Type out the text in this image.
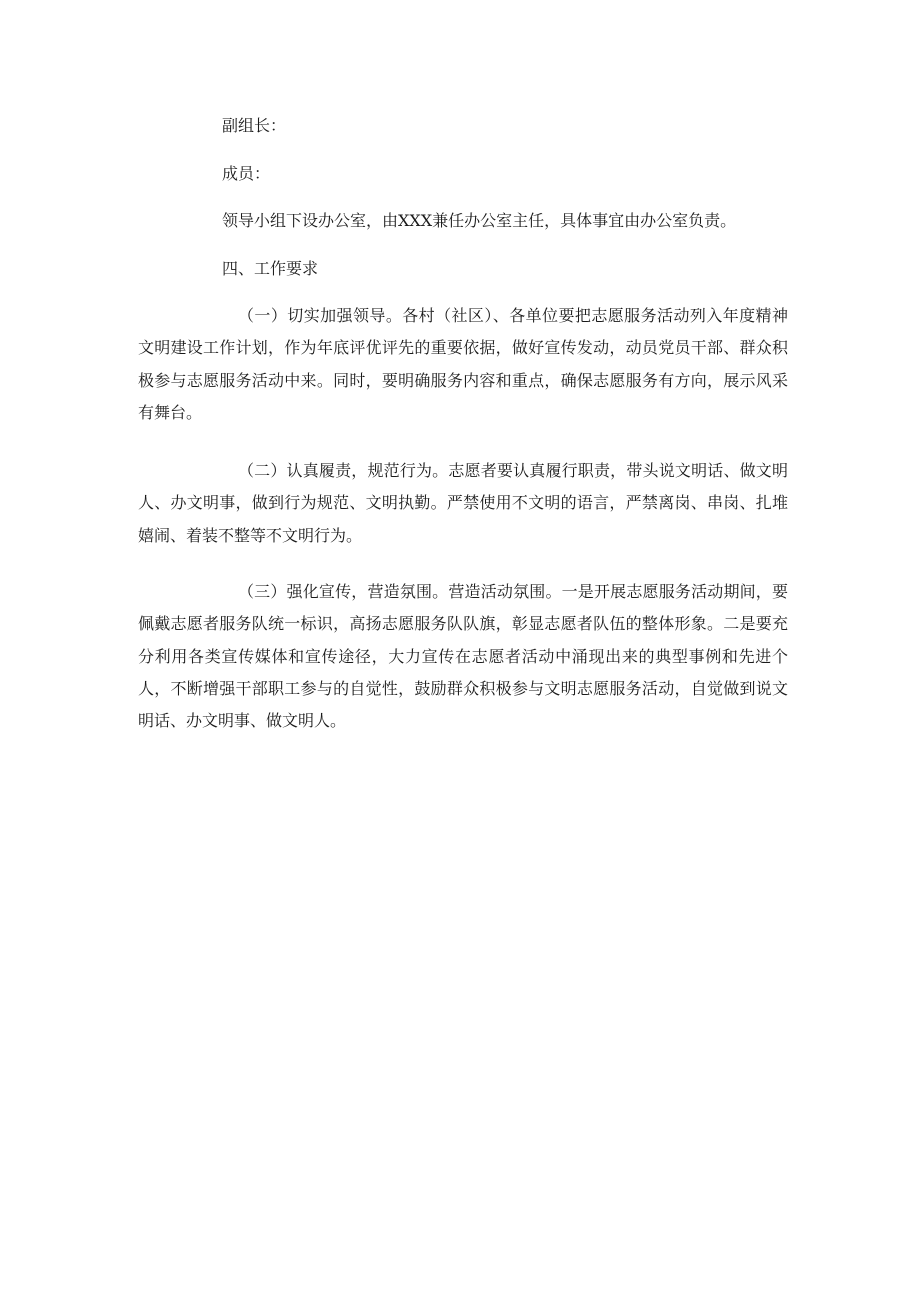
副组长：

成员：

领导小组下设办公室，由XXX兼任办公室主任，具体事宜由办公室负责。

四、工作要求

（一）切实加强领导。各村（社区）、各单位要把志愿服务活动列入年度精神文明建设工作计划，作为年底评优评先的重要依据，做好宣传发动，动员党员干部、群众积极参与志愿服务活动中来。同时，要明确服务内容和重点，确保志愿服务有方向，展示风采有舞台。

（二）认真履责，规范行为。志愿者要认真履行职责，带头说文明话、做文明人、办文明事，做到行为规范、文明执勤。严禁使用不文明的语言，严禁离岗、串岗、扎堆嬉闹、着装不整等不文明行为。

（三）强化宣传，营造氛围。营造活动氛围。一是开展志愿服务活动期间，要佩戴志愿者服务队统一标识，高扬志愿服务队队旗，彰显志愿者队伍的整体形象。二是要充分利用各类宣传媒体和宣传途径，大力宣传在志愿者活动中涌现出来的典型事例和先进个人，不断增强干部职工参与的自觉性，鼓励群众积极参与文明志愿服务活动，自觉做到说文明话、办文明事、做文明人。
